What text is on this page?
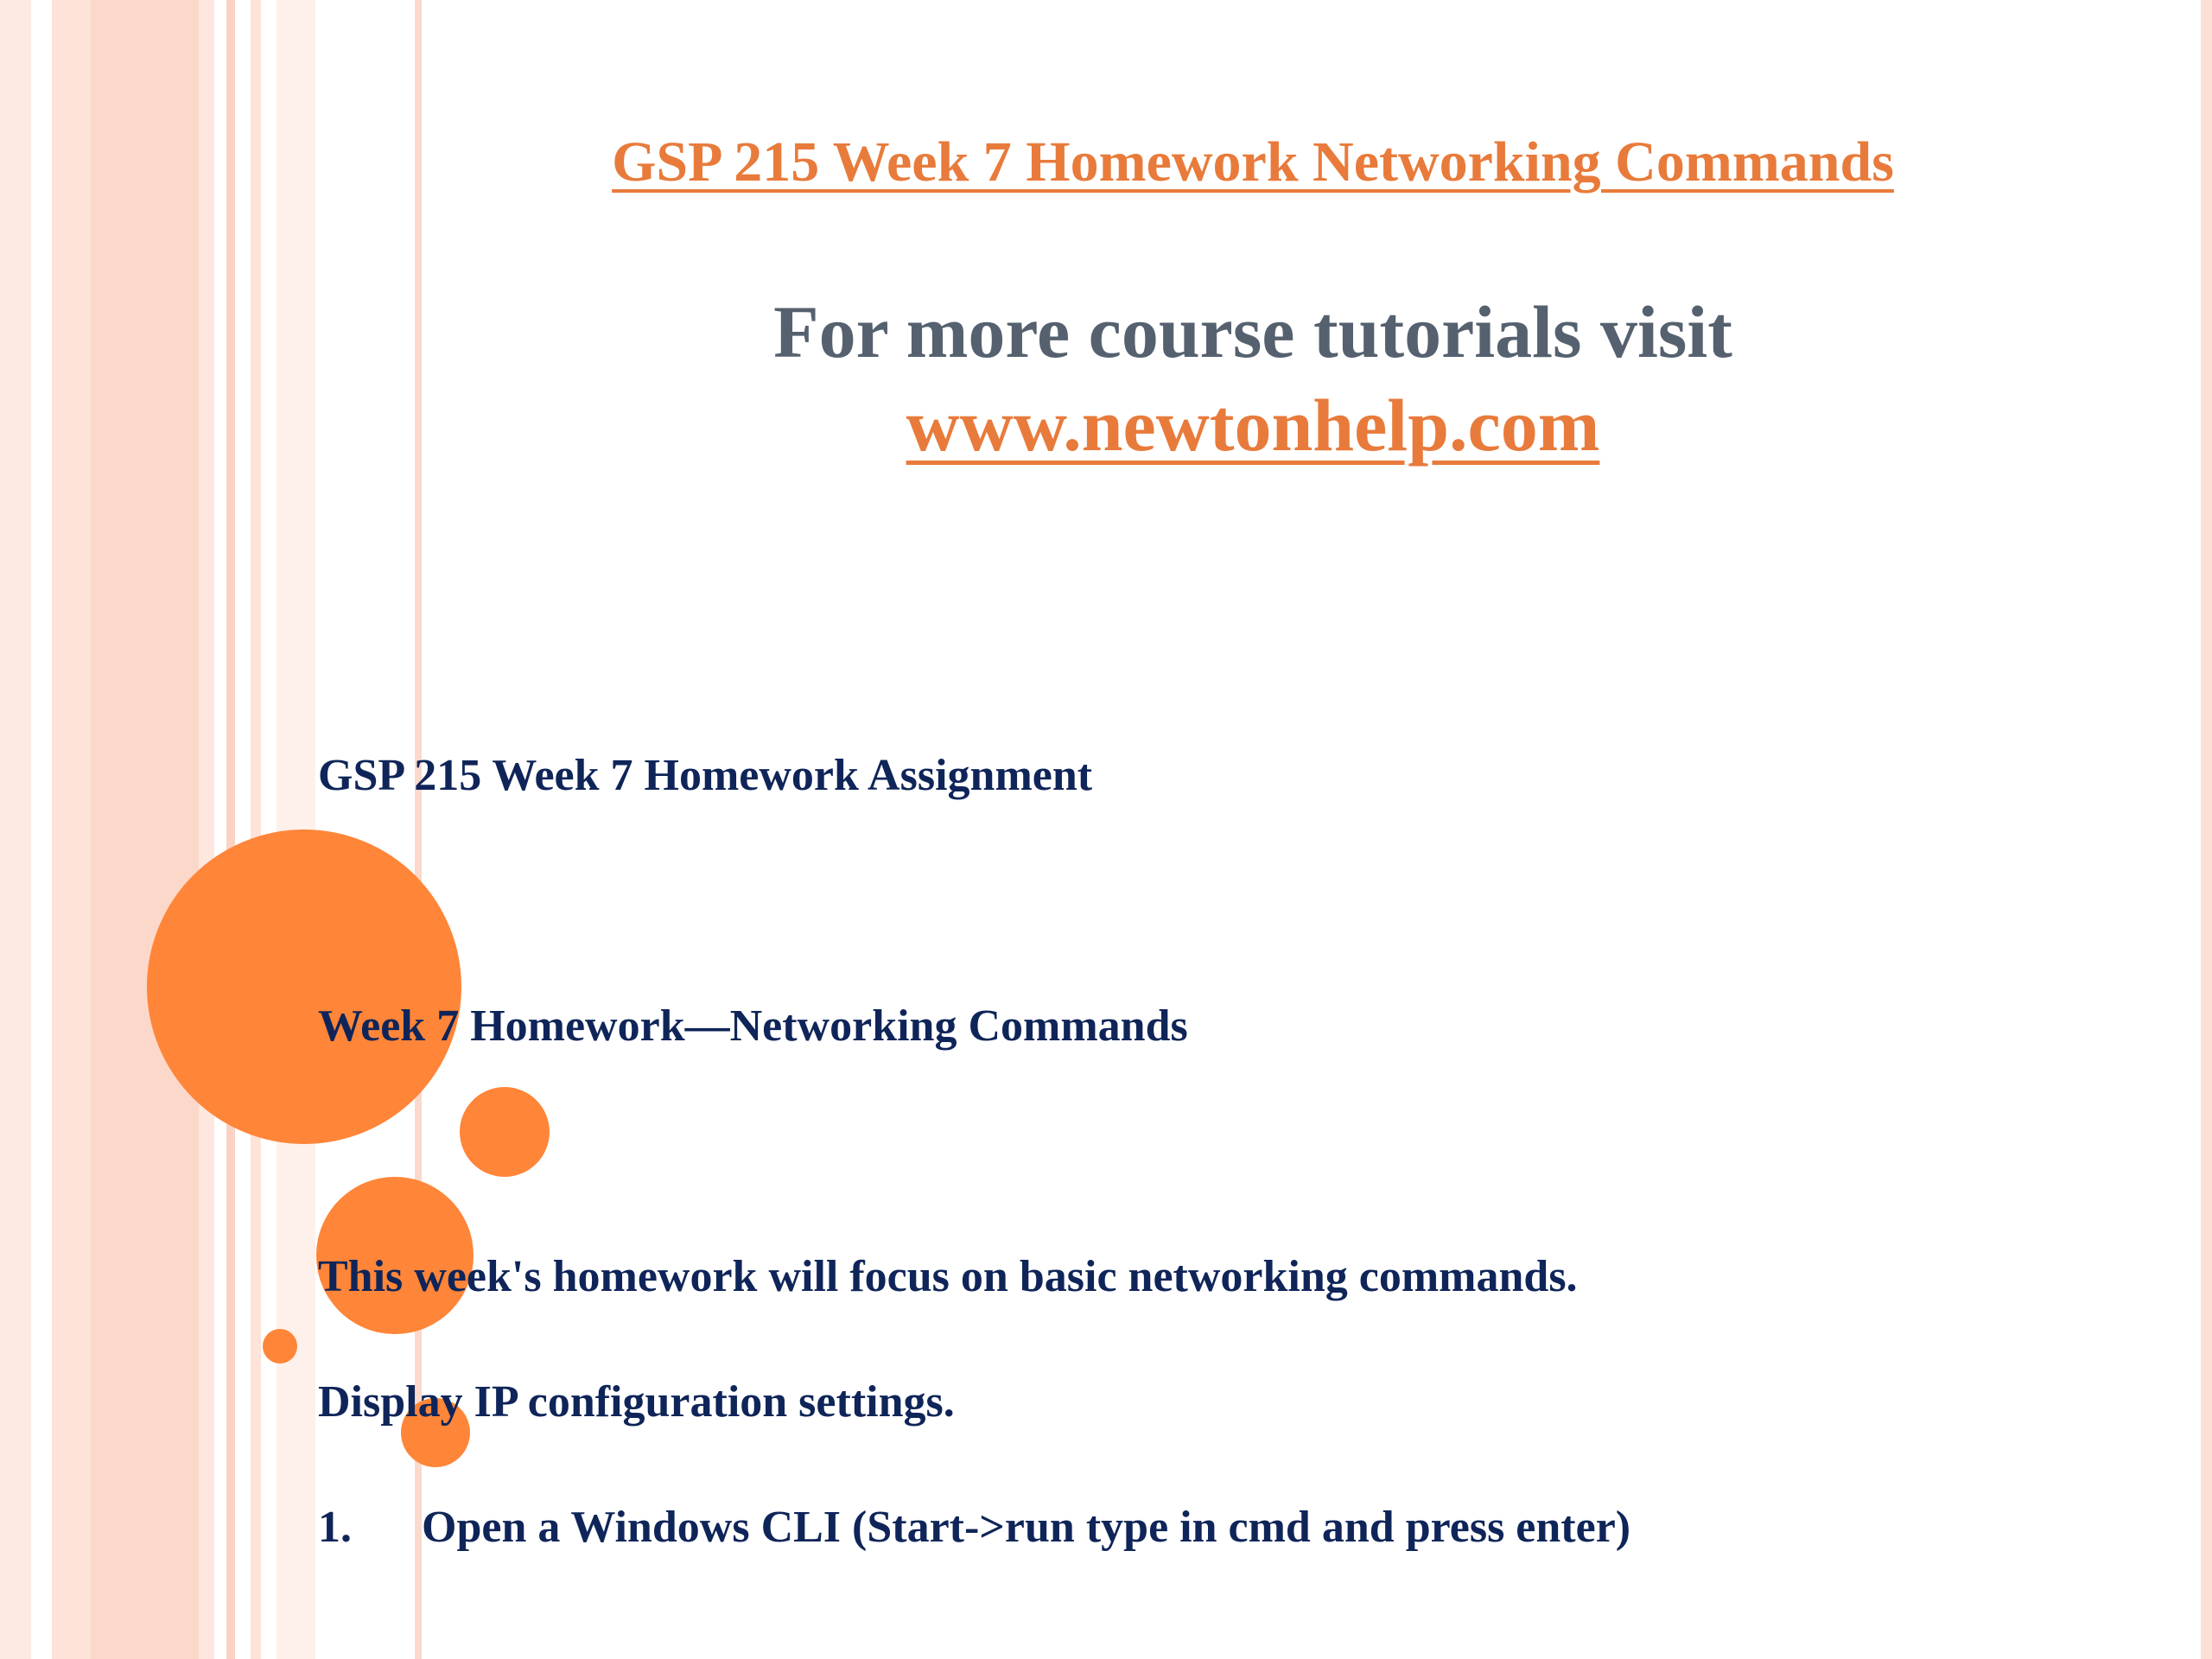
GSP 215 Week 7 Homework Networking Commands
For more course tutorials visit
www.newtonhelp.com
GSP 215 Week 7 Homework Assignment
Week 7 Homework—Networking Commands
This week's homework will focus on basic networking commands.
Display IP configuration settings.
1. Open a Windows CLI (Start->run type in cmd and press enter)
